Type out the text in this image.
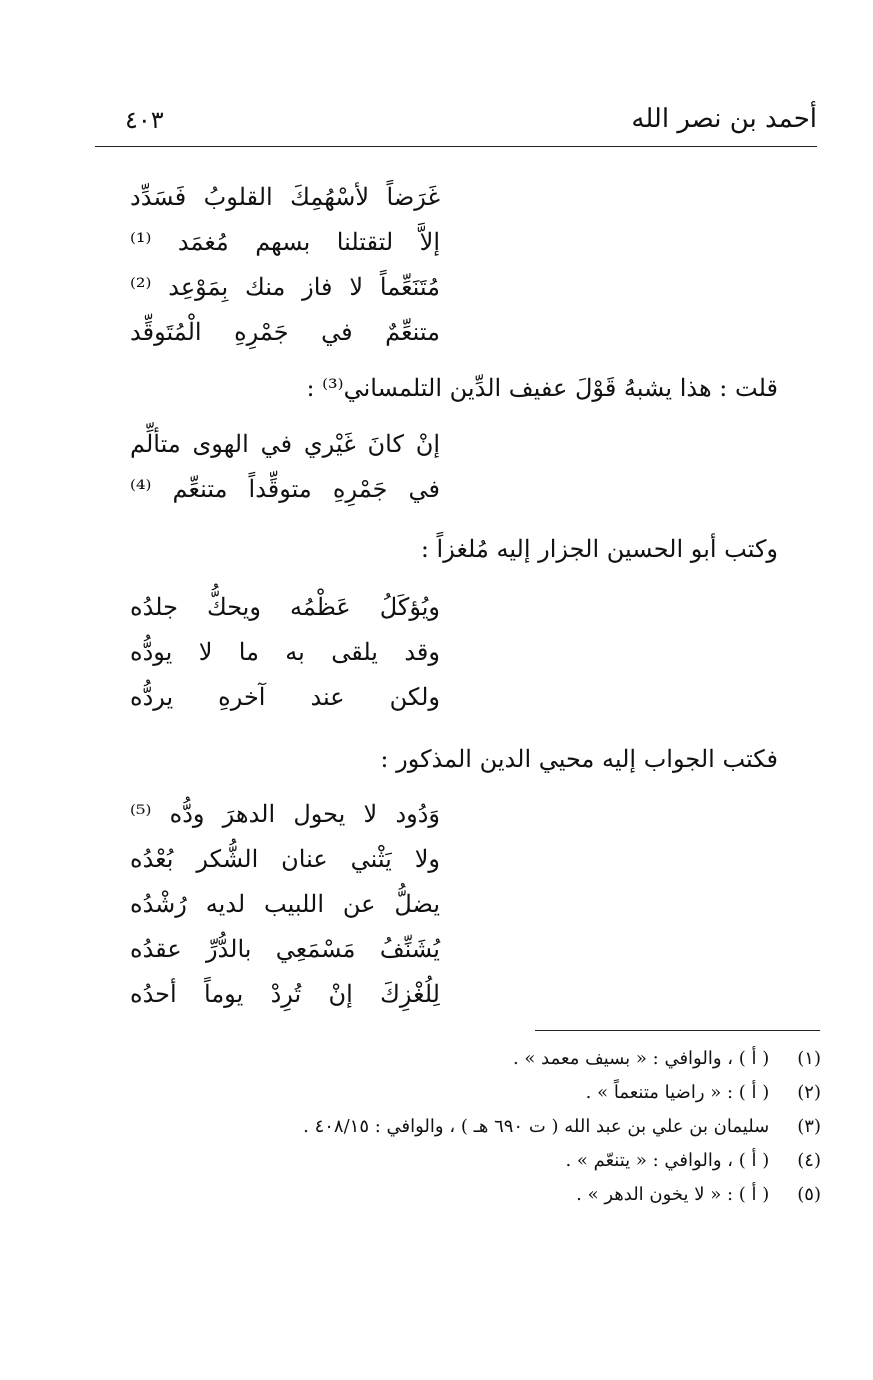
أحمد بن نصر الله
٤٠٣
غَرَضاً لأسْهُمِكَ القلوبُ فَسَدِّد
إلاَّ لتقتلنا بسهم مُغمَد ⁽¹⁾
مُتَنَعِّماً لا فاز منك بِمَوْعِد ⁽²⁾
متنعِّمٌ في جَمْرِهِ الْمُتَوقِّد
قلت : هذا يشبهُ قَوْلَ عفيف الدِّين التلمساني⁽³⁾ :
إنْ كانَ غَيْري في الهوى متألِّم
في جَمْرِهِ متوقِّداً متنعِّم ⁽⁴⁾
وكتب أبو الحسين الجزار إليه مُلغزاً :
ويُؤكَلُ عَظْمُه ويحكُّ جلدُه
وقد يلقى به ما لا يودُّه
ولكن عند آخرهِ يردُّه
فكتب الجواب إليه محيي الدين المذكور :
وَدُود لا يحول الدهرَ ودُّه ⁽⁵⁾
ولا يَثْني عنان الشُّكر بُعْدُه
يضلُّ عن اللبيب لديه رُشْدُه
يُشَنِّفُ مَسْمَعِي بالدُّرِّ عقدُه
لِلُغْزِكَ إنْ تُرِدْ يوماً أحدُه
(١) ( أ ) ، والوافي : « بسيف معمد » .
(٢) ( أ ) : « راضيا متنعماً » .
(٣) سليمان بن علي بن عبد الله ( ت ٦٩٠ هـ ) ، والوافي : ٤٠٨/١٥ .
(٤) ( أ ) ، والوافي : « يتنعّم » .
(٥) ( أ ) : « لا يخون الدهر » .
